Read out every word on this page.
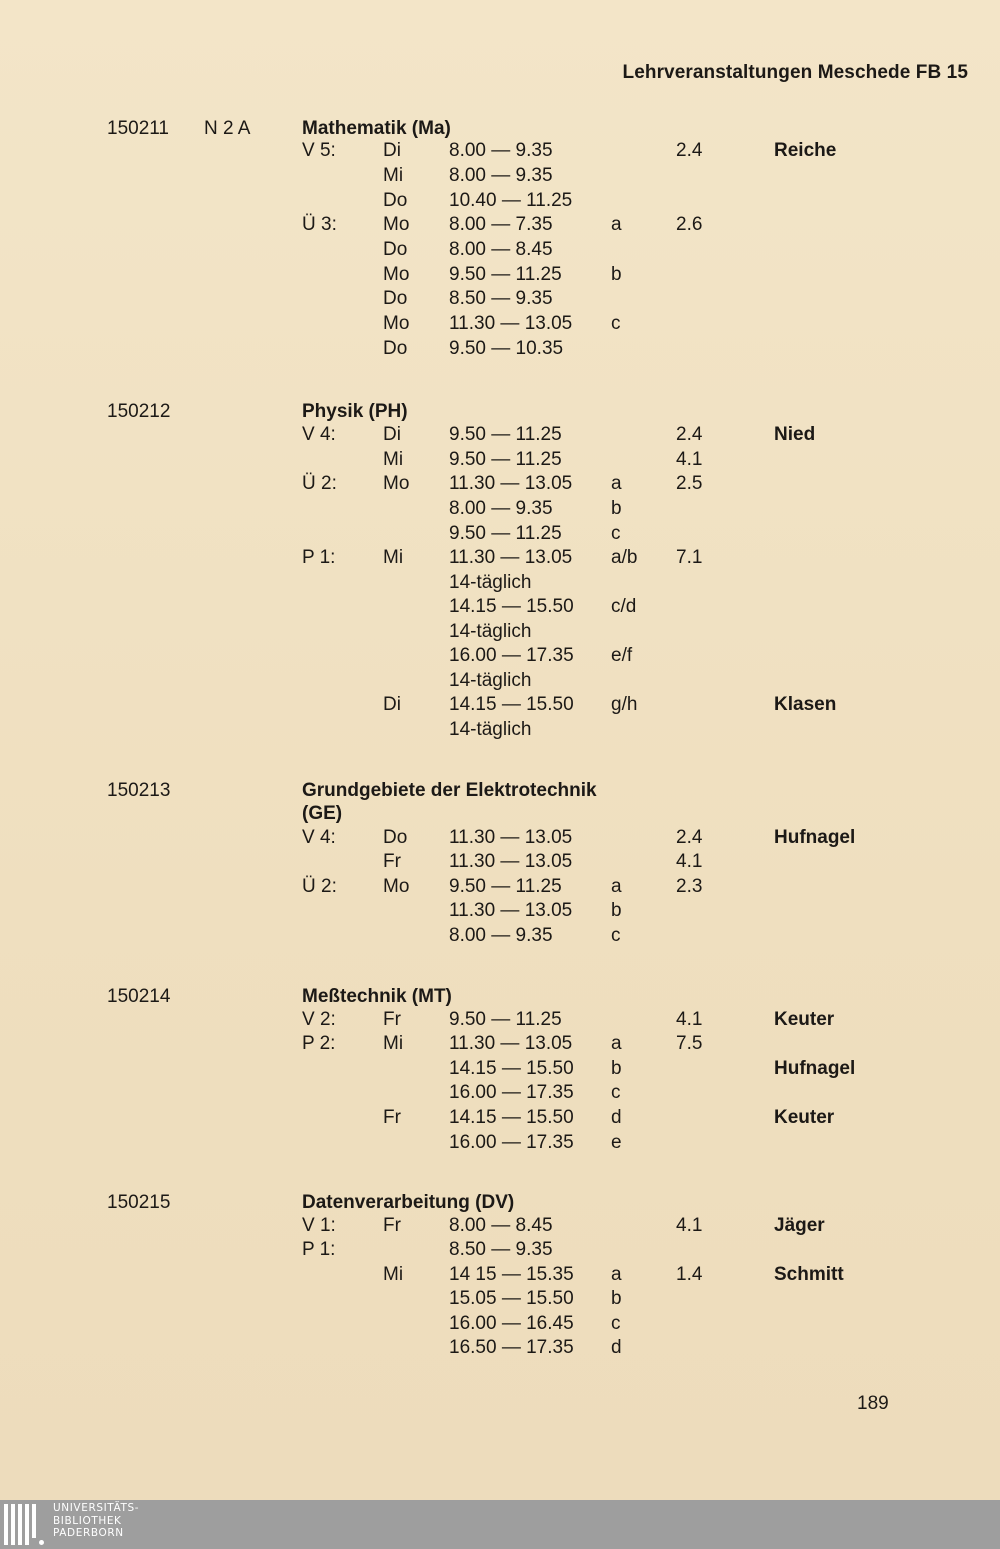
Lehrveranstaltungen Meschede FB 15
150211 N 2 A	Mathematik (Ma)
V 5: Di	8.00 — 9.35	2.4	Reiche
Mi 8.00 — 9.35
Do 10.40 — 11.25
Ü 3: Mo 8.00 — 7.35	a	2.6
Do 8.00 — 8.45
Mo 9.50 — 11.25	b
Do 8.50 — 9.35
Mo 11.30 — 13.05 c
Do 9.50 — 10.35
150212	Physik (PH)
V 4: Di	9.50 — 11.25	2.4	Nied
Mi 9.50 — 11.25	4.1
Ü 2: Mo 11.30 — 13.05 a	2.5
8.00 — 9.35	b
9.50 — 11.25	c
P 1:	Mi 11.30 — 13.05 a/b 7.1
14-täglich
14.15 — 15.50 c/d
14-täglich
16.00 — 17.35 e/f
14-täglich
Di	14.15 — 15.50 g/h	Klasen
14-täglich
150213	Grundgebiete der Elektrotechnik
(GE)
V 4: Do 11.30 — 13.05	2.4	Hufnagel
Fr	11.30 — 13.05	4.1
Ü 2: Mo 9.50 — 11.25	a	2.3
11.30 — 13.05 b
8.00 — 9.35	c
150214	Meßtechnik (MT)
V 2: Fr	9.50 — 11.25	4.1	Keuter
P 2:	Mi 11.30 — 13.05 a	7.5
14.15 — 15.50 b	Hufnagel
16.00 — 17.35 c
Fr	14.15 — 15.50 d	Keuter
16.00 — 17.35 e
150215	Datenverarbeitung (DV)
V 1: Fr	8.00 — 8.45	4.1	Jäger
P 1:	8.50 — 9.35
Mi 14 15 — 15.35 a	1.4	Schmitt
15.05 — 15.50 b
16.00 — 16.45 c
16.50 — 17.35 d
189
UNIVERSITÄTS-
BIBLIOTHEK
PADERBORN
